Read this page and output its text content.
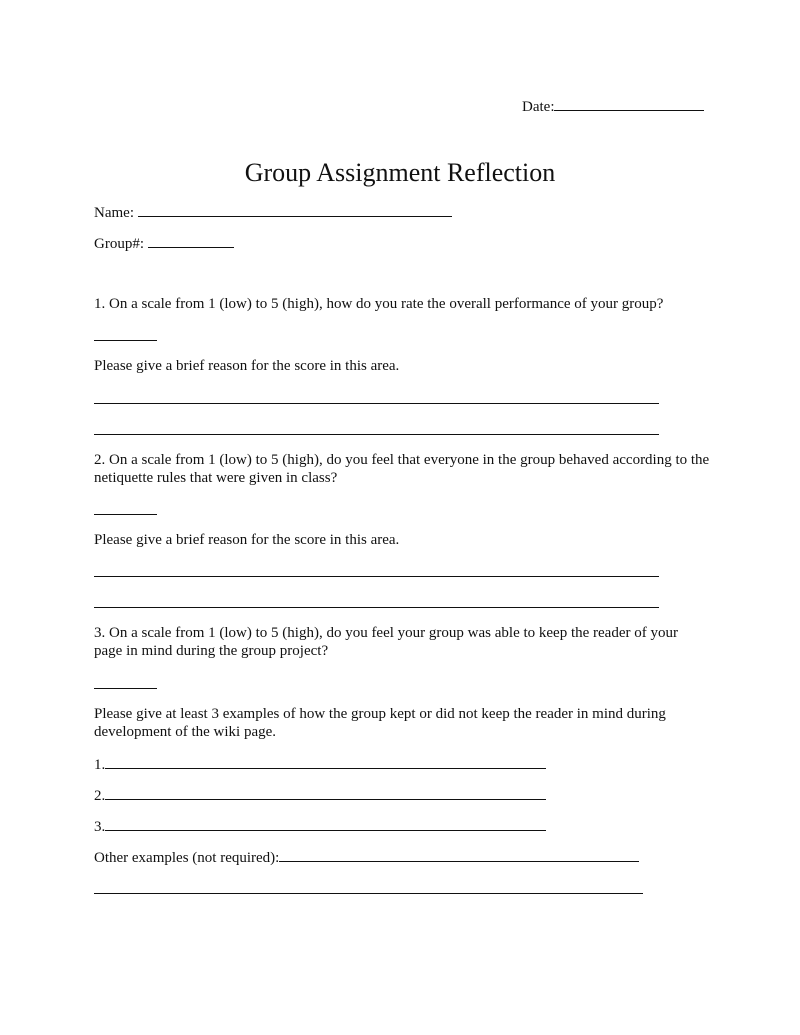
Date:
Group Assignment Reflection
Name:
Group#:

1. On a scale from 1 (low) to 5 (high), how do you rate the overall performance of your group?

Please give a brief reason for the score in this area.

2. On a scale from 1 (low) to 5 (high), do you feel that everyone in the group behaved according to the netiquette rules that were given in class?

Please give a brief reason for the score in this area.

3. On a scale from 1 (low) to 5 (high), do you feel your group was able to keep the reader of your page in mind during the group project?

Please give at least 3 examples of how the group kept or did not keep the reader in mind during development of the wiki page.

1.
2.
3.
Other examples (not required):
